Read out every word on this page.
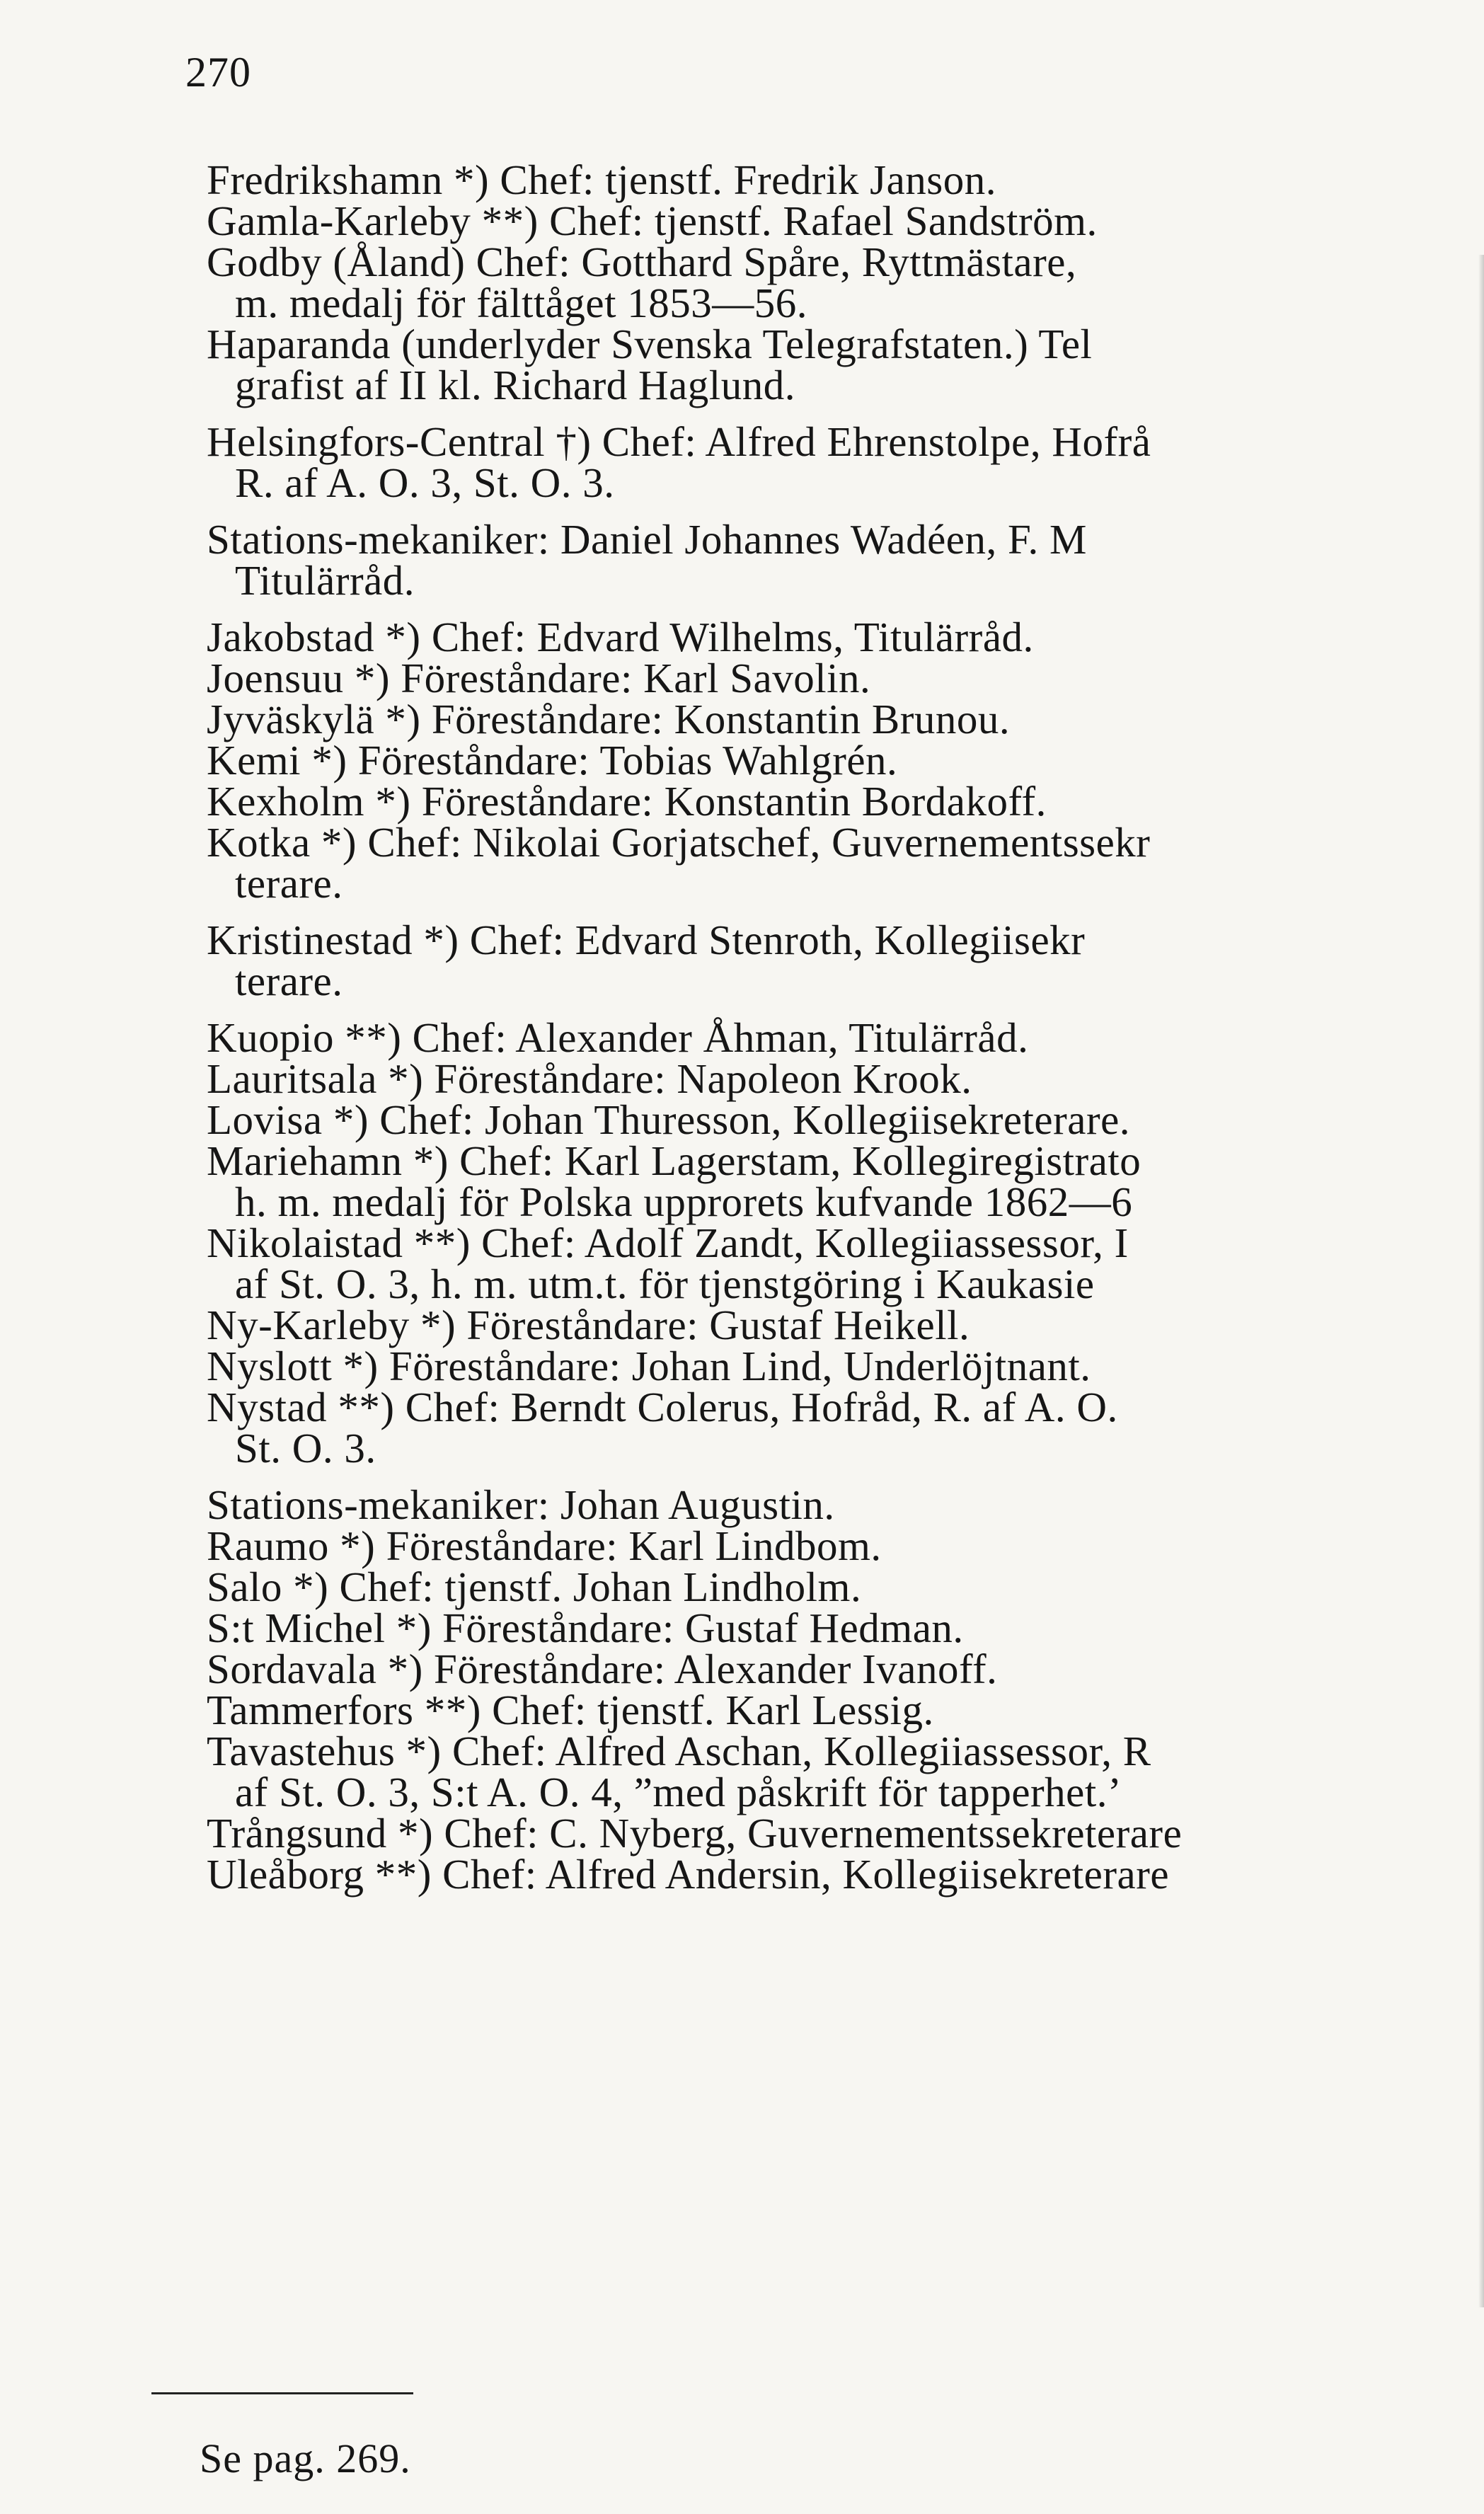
270
Fredrikshamn *) Chef: tjenstf. Fredrik Janson.
Gamla-Karleby **) Chef: tjenstf. Rafael Sandström.
Godby (Åland) Chef: Gotthard Spåre, Ryttmästare,
m. medalj för fälttåget 1853—56.
Haparanda (underlyder Svenska Telegrafstaten.) Tel
grafist af II kl. Richard Haglund.
Helsingfors-Central †) Chef: Alfred Ehrenstolpe, Hofrå
R. af A. O. 3, St. O. 3.
Stations-mekaniker: Daniel Johannes Wadéen, F. M
Titulärråd.
Jakobstad *) Chef: Edvard Wilhelms, Titulärråd.
Joensuu *) Föreståndare: Karl Savolin.
Jyväskylä *) Föreståndare: Konstantin Brunou.
Kemi *) Föreståndare: Tobias Wahlgrén.
Kexholm *) Föreståndare: Konstantin Bordakoff.
Kotka *) Chef: Nikolai Gorjatschef, Guvernementssekr
terare.
Kristinestad *) Chef: Edvard Stenroth, Kollegiisekr
terare.
Kuopio **) Chef: Alexander Åhman, Titulärråd.
Lauritsala *) Föreståndare: Napoleon Krook.
Lovisa *) Chef: Johan Thuresson, Kollegiisekreterare.
Mariehamn *) Chef: Karl Lagerstam, Kollegiregistrato
h. m. medalj för Polska upprorets kufvande 1862—6
Nikolaistad **) Chef: Adolf Zandt, Kollegiiassessor, I
af St. O. 3, h. m. utm.t. för tjenstgöring i Kaukasie
Ny-Karleby *) Föreståndare: Gustaf Heikell.
Nyslott *) Föreståndare: Johan Lind, Underlöjtnant.
Nystad **) Chef: Berndt Colerus, Hofråd, R. af A. O.
St. O. 3.
Stations-mekaniker: Johan Augustin.
Raumo *) Föreståndare: Karl Lindbom.
Salo *) Chef: tjenstf. Johan Lindholm.
S:t Michel *) Föreståndare: Gustaf Hedman.
Sordavala *) Föreståndare: Alexander Ivanoff.
Tammerfors **) Chef: tjenstf. Karl Lessig.
Tavastehus *) Chef: Alfred Aschan, Kollegiiassessor, R
af St. O. 3, S:t A. O. 4, ”med påskrift för tapperhet.’
Trångsund *) Chef: C. Nyberg, Guvernementssekreterare
Uleåborg **) Chef: Alfred Andersin, Kollegiisekreterare
Se pag. 269.
